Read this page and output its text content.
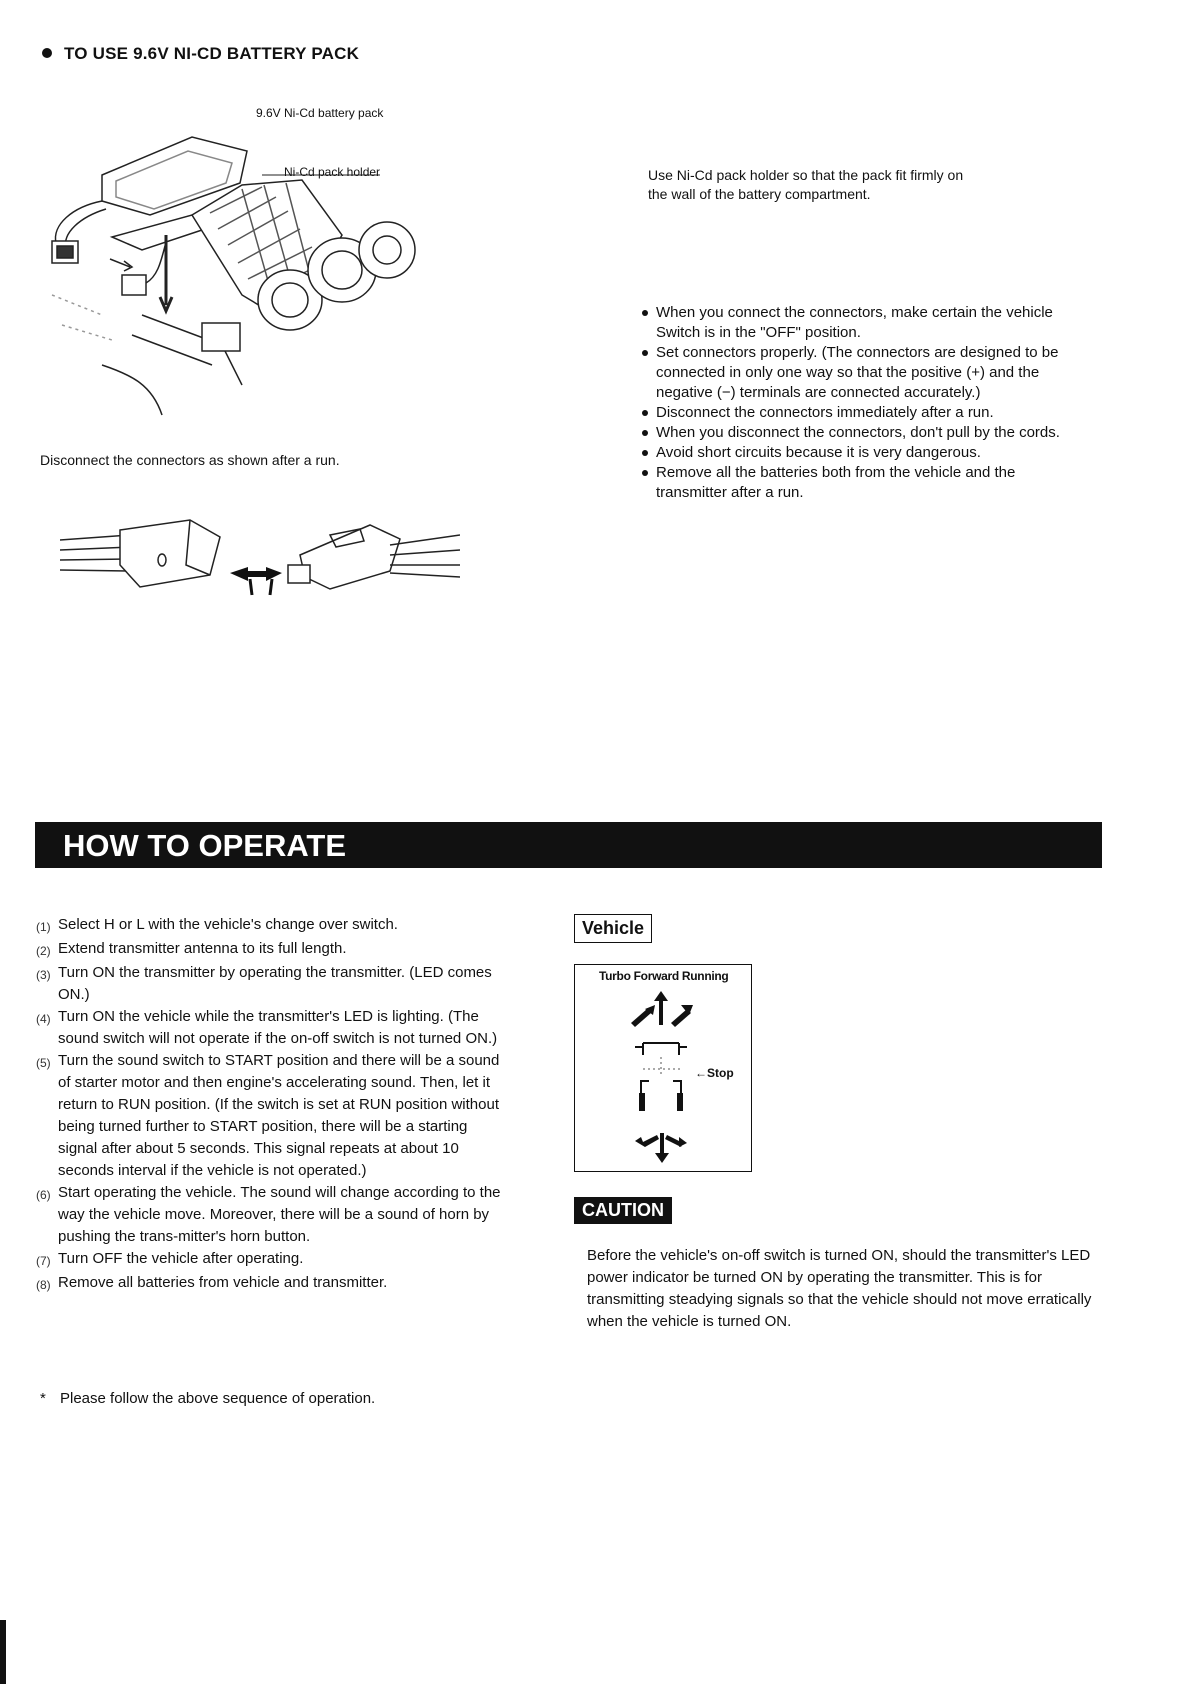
TO USE 9.6V NI-CD BATTERY PACK
9.6V Ni-Cd battery pack
Ni-Cd pack holder
Disconnect the connectors as shown after a run.
Use Ni-Cd pack holder so that the pack fit firmly on the wall of the battery compartment.
When you connect the connectors, make certain the vehicle Switch is in the "OFF" position.
Set connectors properly. (The connectors are designed to be connected in only one way so that the positive (+) and the negative (−) terminals are connected accurately.)
Disconnect the connectors immediately after a run.
When you disconnect the connectors, don't pull by the cords.
Avoid short circuits because it is very dangerous.
Remove all the batteries both from the vehicle and the transmitter after a run.
HOW TO OPERATE
(1) Select H or L with the vehicle's change over switch.
(2) Extend transmitter antenna to its full length.
(3) Turn ON the transmitter by operating the transmitter. (LED comes ON.)
(4) Turn ON the vehicle while the transmitter's LED is lighting. (The sound switch will not operate if the on-off switch is not turned ON.)
(5) Turn the sound switch to START position and there will be a sound of starter motor and then engine's accelerating sound. Then, let it return to RUN position. (If the switch is set at RUN position without being turned further to START position, there will be a starting signal after about 5 seconds. This signal repeats at about 10 seconds interval if the vehicle is not operated.)
(6) Start operating the vehicle. The sound will change according to the way the vehicle move. Moreover, there will be a sound of horn by pushing the trans-mitter's horn button.
(7) Turn OFF the vehicle after operating.
(8) Remove all batteries from vehicle and transmitter.
* Please follow the above sequence of operation.
Vehicle
Turbo Forward Running
←Stop
CAUTION
Before the vehicle's on-off switch is turned ON, should the transmitter's LED power indicator be turned ON by operating the transmitter. This is for transmitting steadying signals so that the vehicle should not move erratically when the vehicle is turned ON.
